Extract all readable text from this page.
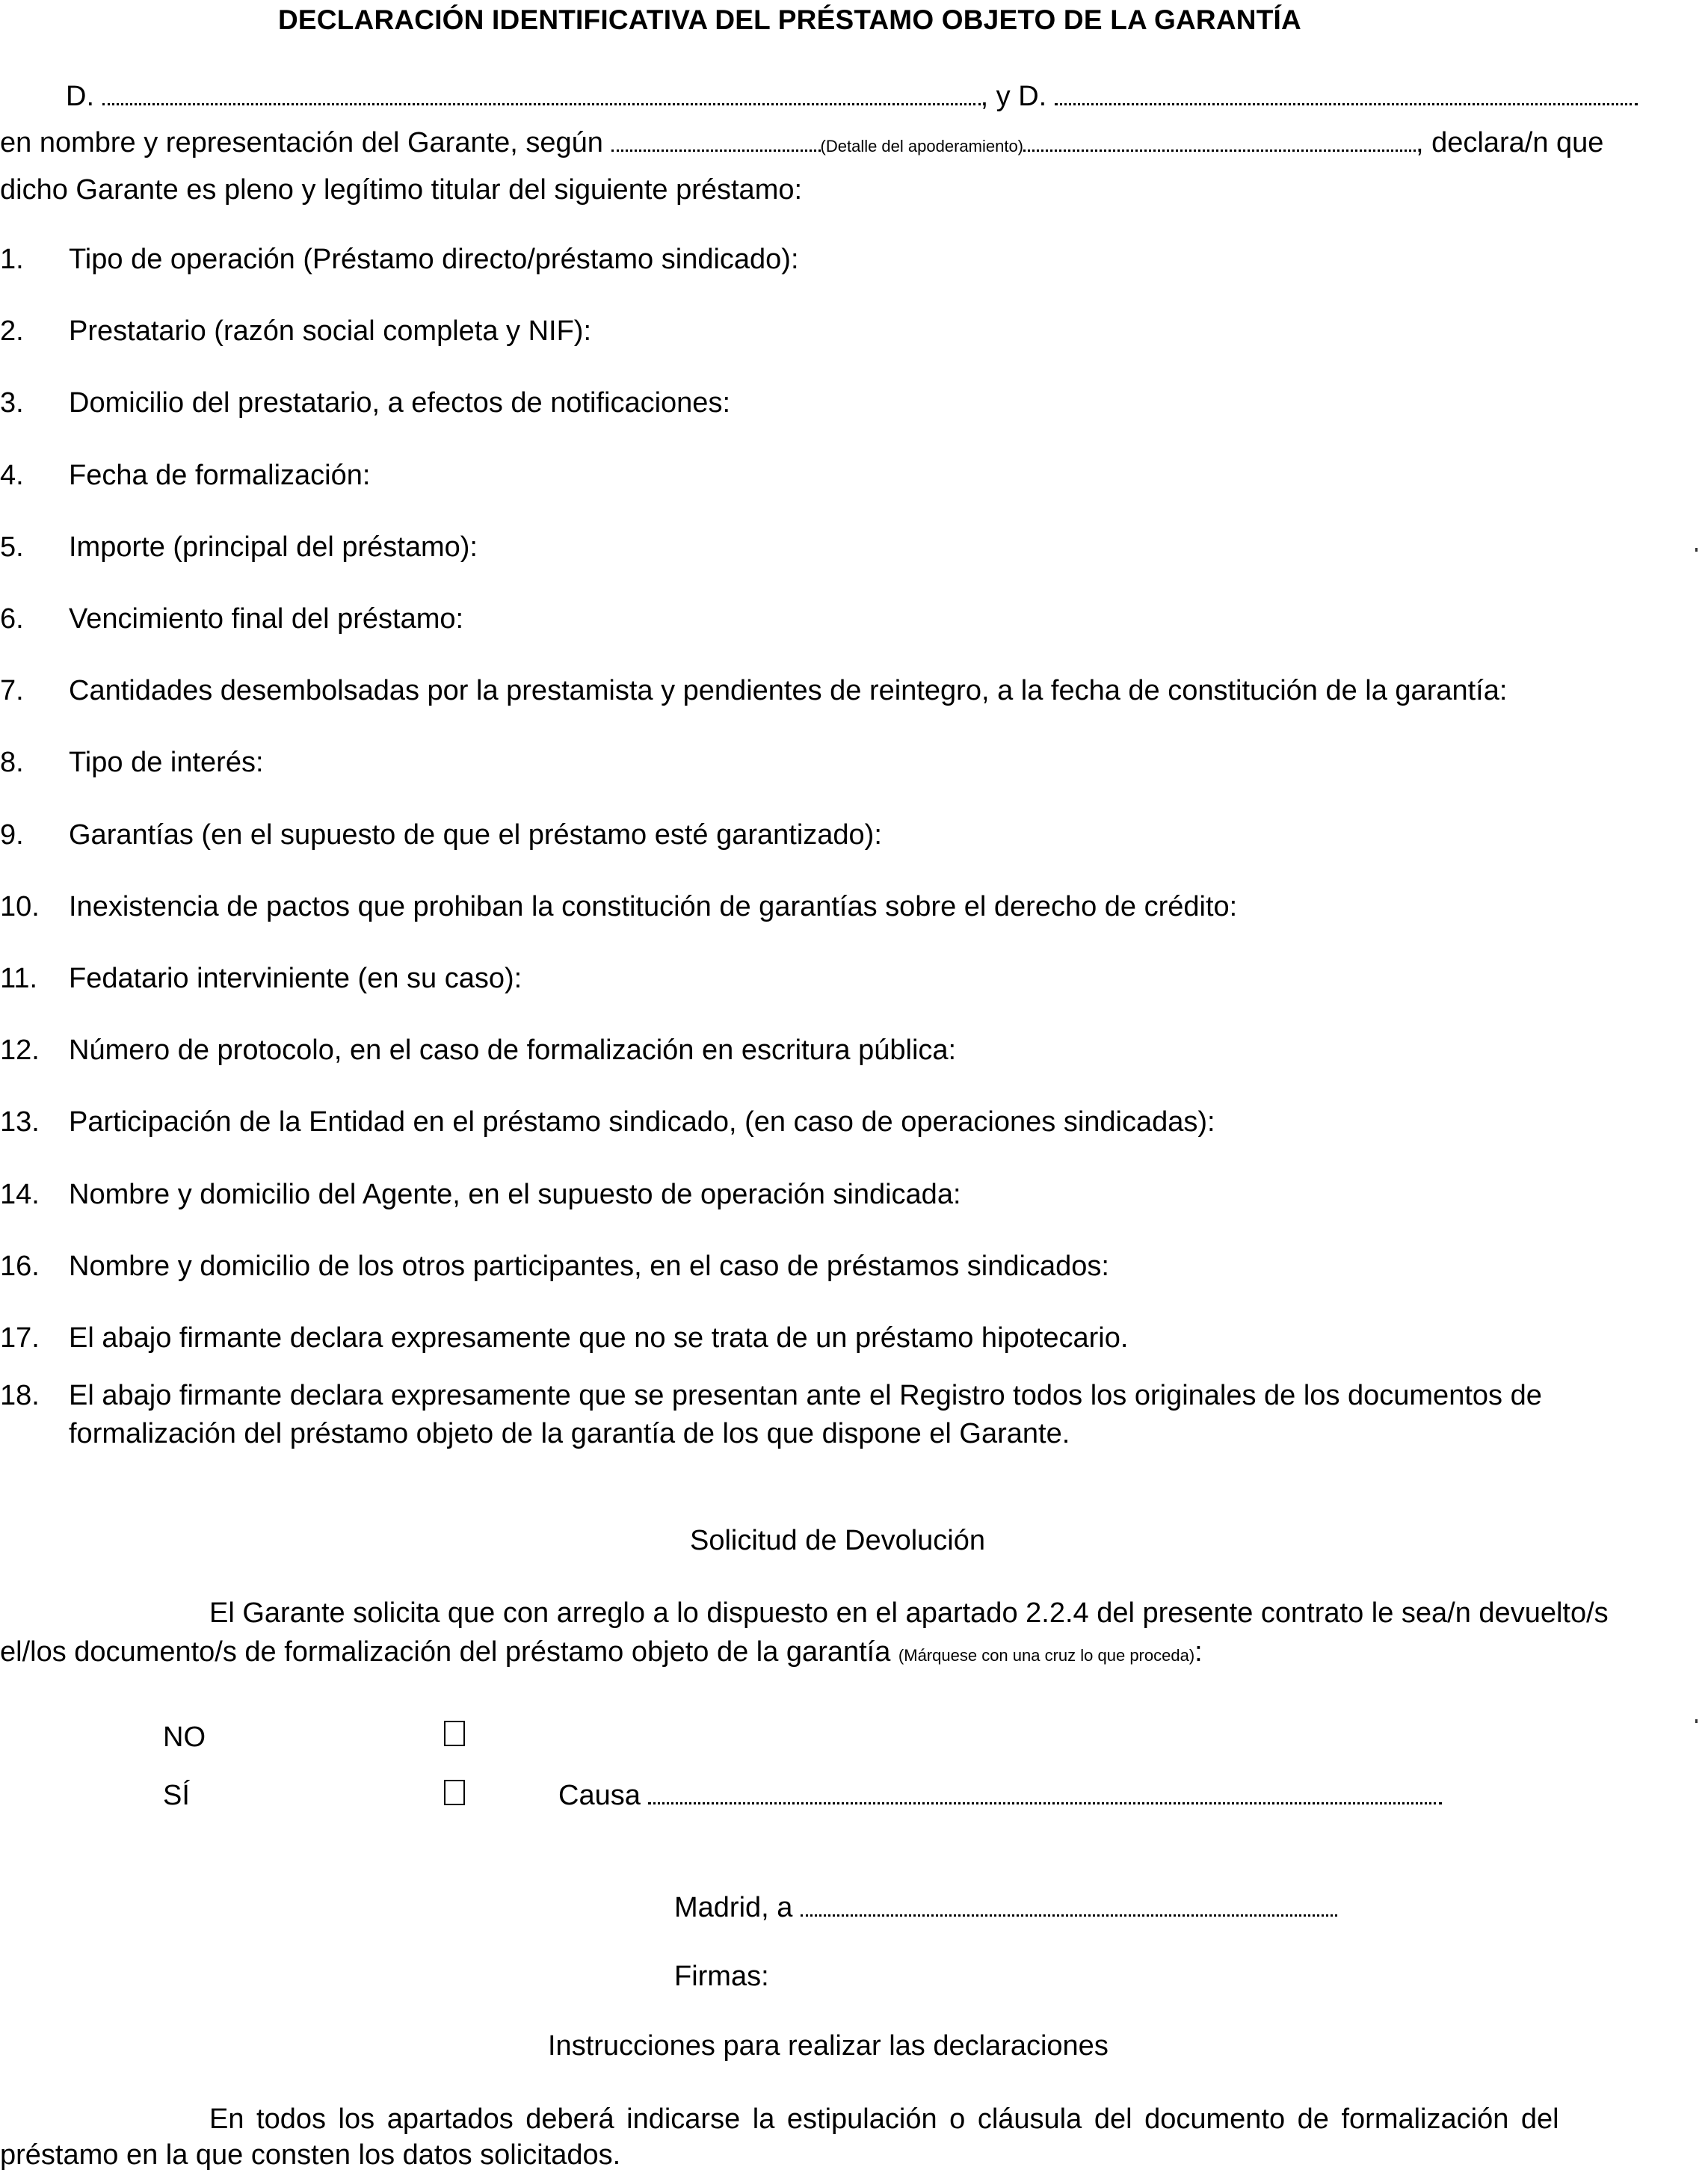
DECLARACIÓN IDENTIFICATIVA DEL PRÉSTAMO OBJETO DE LA GARANTÍA
D.	, y D.
en nombre y representación del Garante, según	(Detalle del apoderamiento)	, declara/n que
dicho Garante es pleno y legítimo titular del siguiente préstamo:
1. Tipo de operación (Préstamo directo/préstamo sindicado):
2. Prestatario (razón social completa y NIF):
3. Domicilio del prestatario, a efectos de notificaciones:
4. Fecha de formalización:
5. Importe (principal del préstamo):
6. Vencimiento final del préstamo:
7. Cantidades desembolsadas por la prestamista y pendientes de reintegro, a la fecha de constitución de la garantía:
8. Tipo de interés:
9. Garantías (en el supuesto de que el préstamo esté garantizado):
10. Inexistencia de pactos que prohiban la constitución de garantías sobre el derecho de crédito:
11. Fedatario interviniente (en su caso):
12. Número de protocolo, en el caso de formalización en escritura pública:
13. Participación de la Entidad en el préstamo sindicado, (en caso de operaciones sindicadas):
14. Nombre y domicilio del Agente, en el supuesto de operación sindicada:
16. Nombre y domicilio de los otros participantes, en el caso de préstamos sindicados:
17. El abajo firmante declara expresamente que no se trata de un préstamo hipotecario.
18. El abajo firmante declara expresamente que se presentan ante el Registro todos los originales de los documentos de
formalización del préstamo objeto de la garantía de los que dispone el Garante.
Solicitud de Devolución
El Garante solicita que con arreglo a lo dispuesto en el apartado 2.2.4 del presente contrato le sea/n devuelto/s
el/los documento/s de formalización del préstamo objeto de la garantía (Márquese con una cruz lo que proceda):
NO
SÍ	Causa
Madrid, a
Firmas:
Instrucciones para realizar las declaraciones
En todos los apartados deberá indicarse la estipulación o cláusula del documento de formalización del
préstamo en la que consten los datos solicitados.
